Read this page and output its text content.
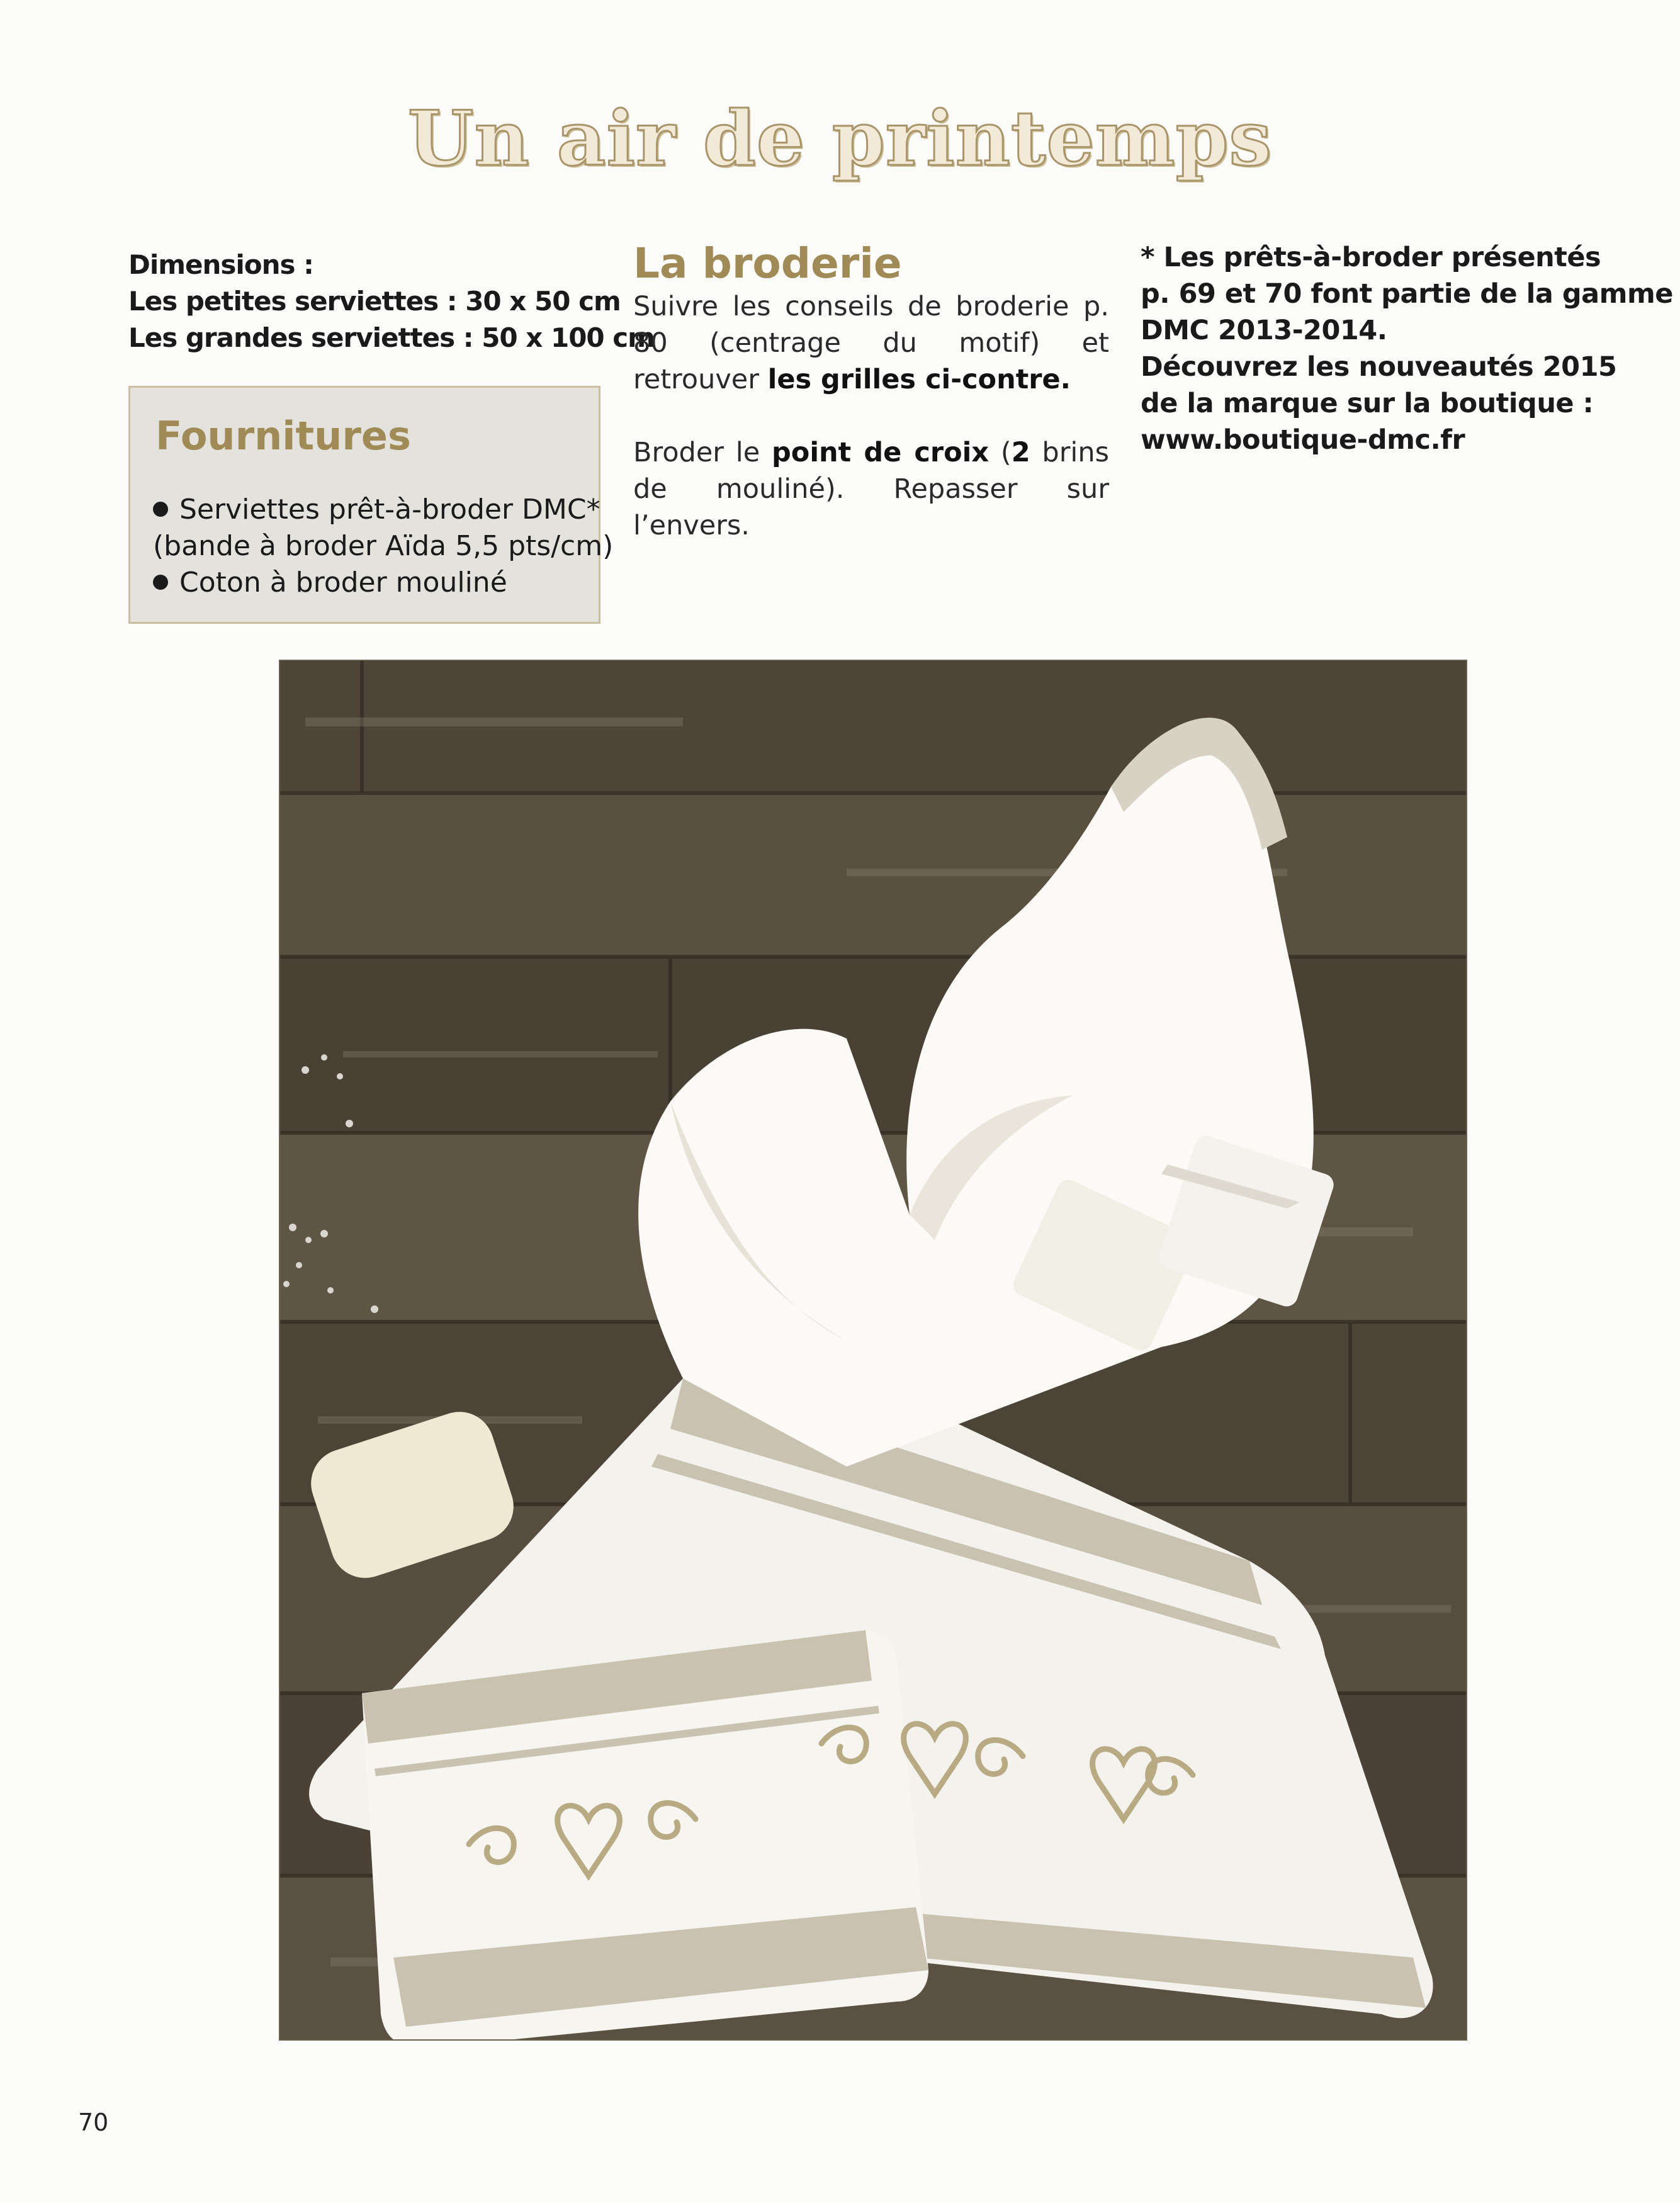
Un air de printemps
Dimensions :
Les petites serviettes : 30 x 50 cm
Les grandes serviettes : 50 x 100 cm
Fournitures
Serviettes prêt-à-broder DMC*
(bande à broder Aïda 5,5 pts/cm)
Coton à broder mouliné
La broderie

Suivre les conseils de broderie p. 80 (centrage du motif) et retrouver les grilles ci-contre.

Broder le point de croix (2 brins de mouliné). Repasser sur l’envers.

* Les prêts-à-broder présentés
p. 69 et 70 font partie de la gamme
DMC 2013-2014.
Découvrez les nouveautés 2015
de la marque sur la boutique :
www.boutique-dmc.fr
70
